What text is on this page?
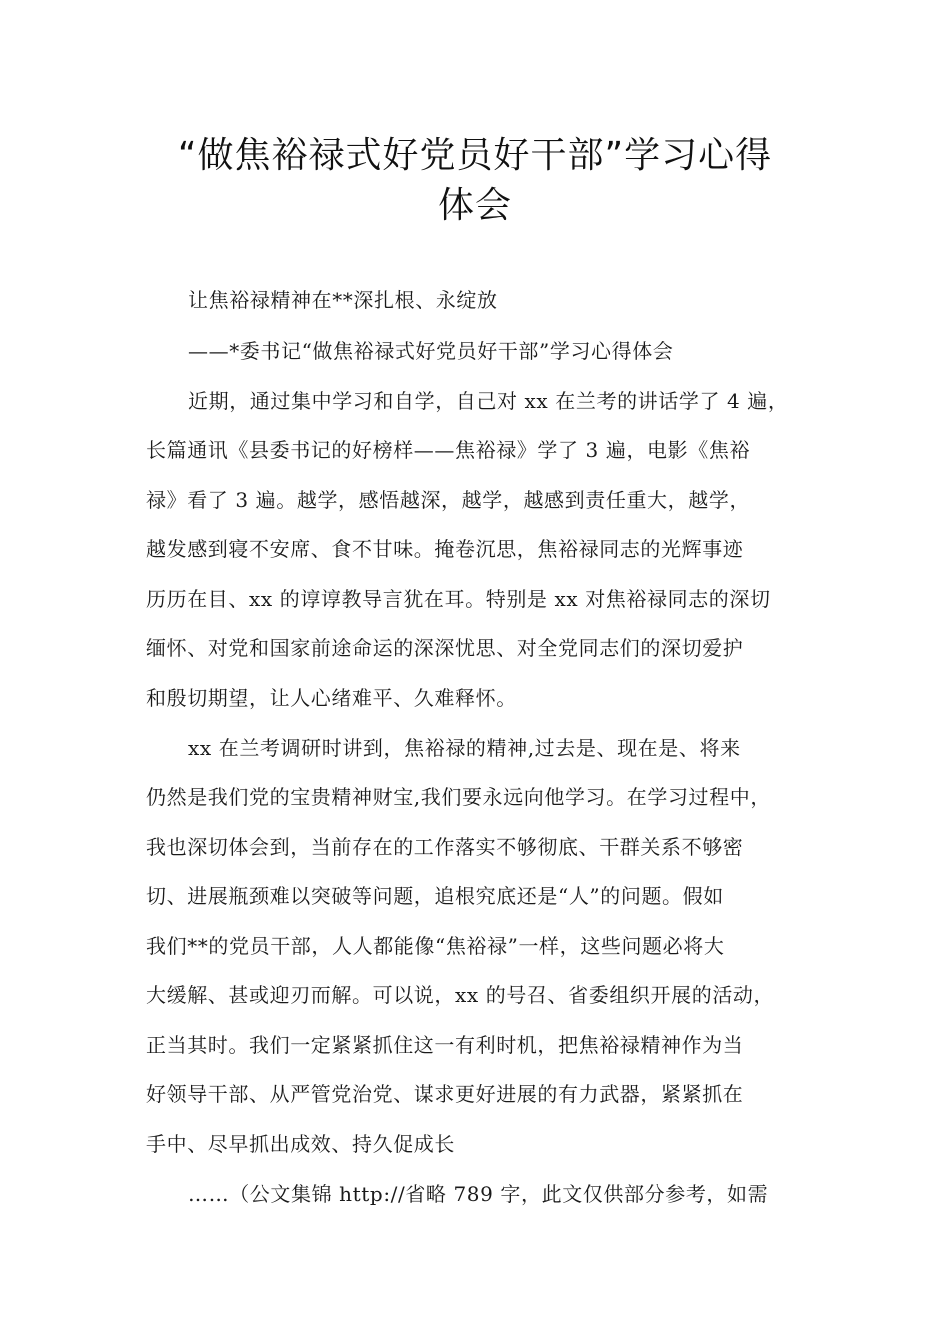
“做焦裕禄式好党员好干部”学习心得
体会
让焦裕禄精神在**深扎根、永绽放
——*委书记“做焦裕禄式好党员好干部”学习心得体会
近期，通过集中学习和自学，自己对 xx 在兰考的讲话学了 4 遍，
长篇通讯《县委书记的好榜样——焦裕禄》学了 3 遍，电影《焦裕
禄》看了 3 遍。越学，感悟越深，越学，越感到责任重大，越学，
越发感到寝不安席、食不甘味。掩卷沉思，焦裕禄同志的光辉事迹
历历在目、xx 的谆谆教导言犹在耳。特别是 xx 对焦裕禄同志的深切
缅怀、对党和国家前途命运的深深忧思、对全党同志们的深切爱护
和殷切期望，让人心绪难平、久难释怀。
xx 在兰考调研时讲到，焦裕禄的精神,过去是、现在是、将来
仍然是我们党的宝贵精神财宝,我们要永远向他学习。在学习过程中，
我也深切体会到，当前存在的工作落实不够彻底、干群关系不够密
切、进展瓶颈难以突破等问题，追根究底还是“人”的问题。假如
我们**的党员干部，人人都能像“焦裕禄”一样，这些问题必将大
大缓解、甚或迎刃而解。可以说，xx 的号召、省委组织开展的活动，
正当其时。我们一定紧紧抓住这一有利时机，把焦裕禄精神作为当
好领导干部、从严管党治党、谋求更好进展的有力武器，紧紧抓在
手中、尽早抓出成效、持久促成长
……（公文集锦 http://省略 789 字，此文仅供部分参考，如需
